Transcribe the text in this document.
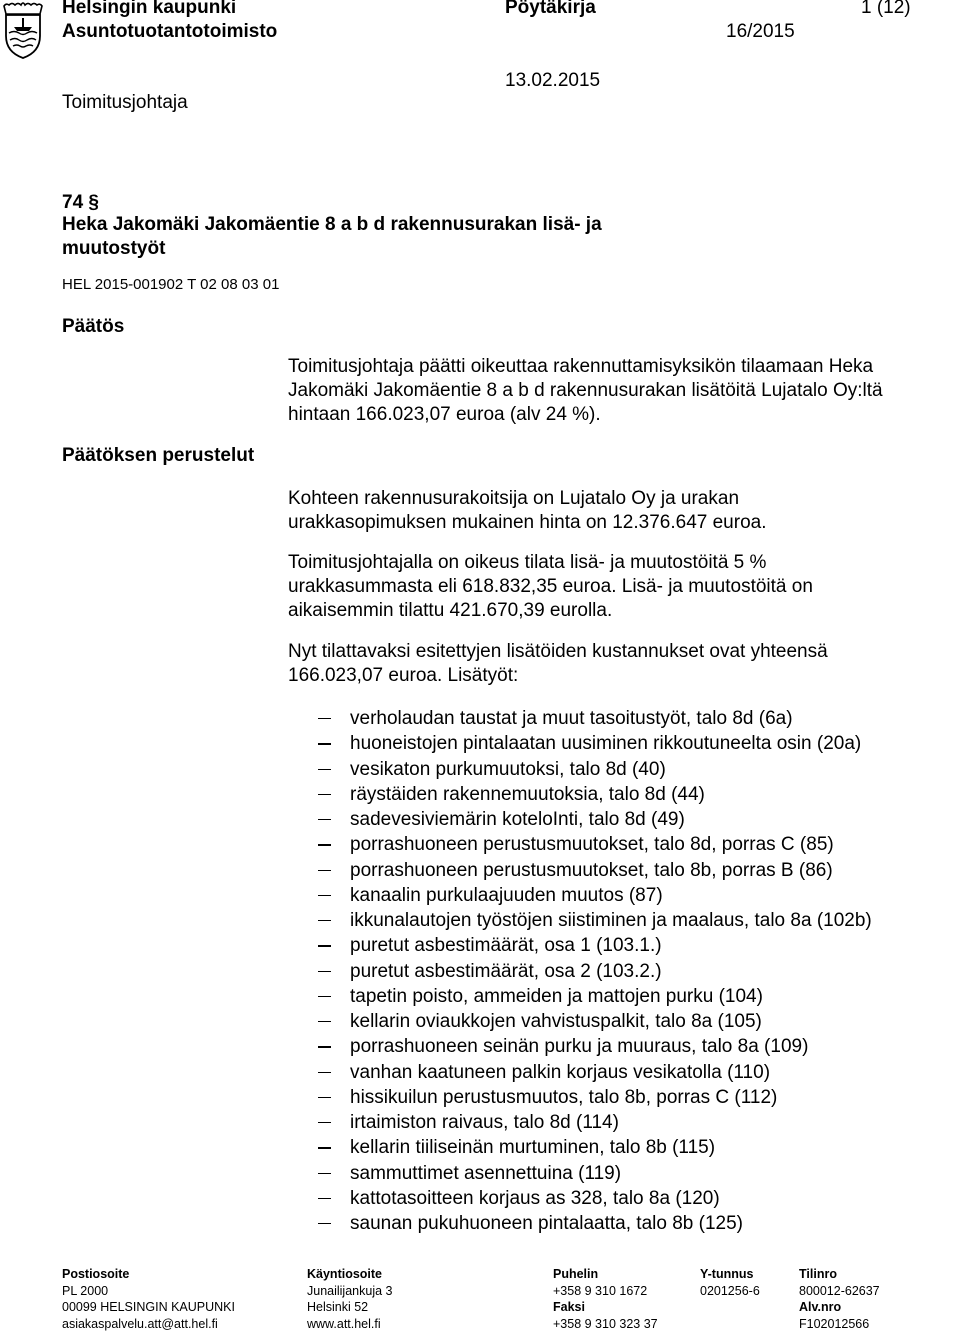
Helsingin kaupunki
Asuntotuotantotoimisto
Pöytäkirja
16/2015
1 (12)
Toimitusjohtaja
13.02.2015
74 §
Heka Jakomäki Jakomäentie 8 a b d rakennusurakan lisä- ja
muutostyöt
HEL 2015-001902 T 02 08 03 01
Päätös
Päätöksen perustelut
Toimitusjohtaja päätti oikeuttaa rakennuttamisyksikön tilaamaan Heka
Jakomäki Jakomäentie 8 a b d rakennusurakan lisätöitä Lujatalo Oy:ltä
hintaan 166.023,07 euroa (alv 24 %).
Kohteen rakennusurakoitsija on Lujatalo Oy ja urakan
urakkasopimuksen mukainen hinta on 12.376.647 euroa.
Toimitusjohtajalla on oikeus tilata lisä- ja muutostöitä 5 %
urakkasummasta eli 618.832,35 euroa. Lisä- ja muutostöitä on
aikaisemmin tilattu 421.670,39 eurolla.
Nyt tilattavaksi esitettyjen lisätöiden kustannukset ovat yhteensä
166.023,07 euroa. Lisätyöt:
verholaudan taustat ja muut tasoitustyöt, talo 8d (6a)
huoneistojen pintalaatan uusiminen rikkoutuneelta osin (20a)
vesikaton purkumuutoksi, talo 8d (40)
räystäiden rakennemuutoksia, talo 8d (44)
sadevesiviemärin koteloInti, talo 8d (49)
porrashuoneen perustusmuutokset, talo 8d, porras C (85)
porrashuoneen perustusmuutokset, talo 8b, porras B (86)
kanaalin purkulaajuuden muutos (87)
ikkunalautojen työstöjen siistiminen ja maalaus, talo 8a (102b)
puretut asbestimäärät, osa 1 (103.1.)
puretut asbestimäärät, osa 2 (103.2.)
tapetin poisto, ammeiden ja mattojen purku (104)
kellarin oviaukkojen vahvistuspalkit, talo 8a (105)
porrashuoneen seinän purku ja muuraus, talo 8a (109)
vanhan kaatuneen palkin korjaus vesikatolla (110)
hissikuilun perustusmuutos, talo 8b, porras C (112)
irtaimiston raivaus, talo 8d (114)
kellarin tiiliseinän murtuminen, talo 8b (115)
sammuttimet asennettuina (119)
kattotasoitteen korjaus as 328, talo 8a (120)
saunan pukuhuoneen pintalaatta, talo 8b (125)
Postiosoite
PL 2000
00099 HELSINGIN KAUPUNKI
asiakaspalvelu.att@att.hel.fi
Käyntiosoite
Junailijankuja 3
Helsinki 52
www.att.hel.fi
Puhelin
+358 9 310 1672
Faksi
+358 9 310 323 37
Y-tunnus
0201256-6
Tilinro
800012-62637
Alv.nro
F102012566
